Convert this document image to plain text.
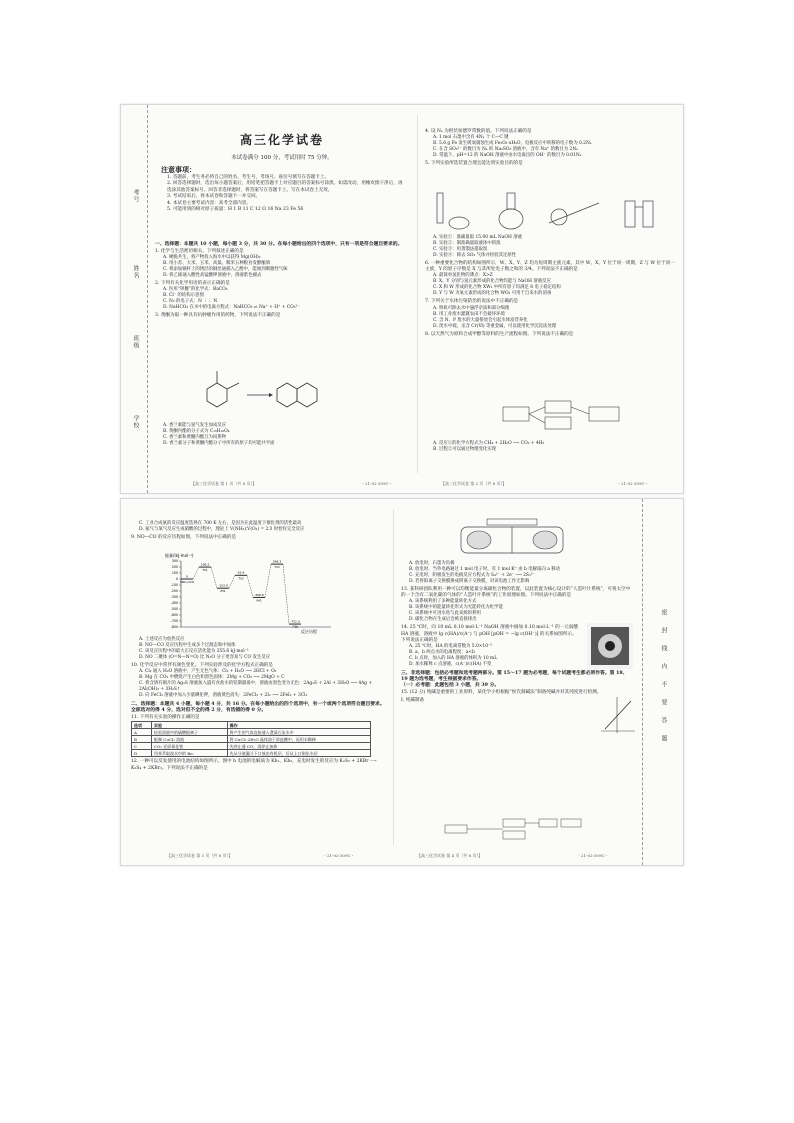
考号
姓名
班级
学校
高三化学试卷
本试卷满分 100 分，考试用时 75 分钟。
注意事项：
1. 答题前，考生务必将自己的姓名、考生号、考场号、座位号填写在答题卡上。
2. 回答选择题时，选出每小题答案后，用铅笔把答题卡上对应题目的答案标号涂黑。如需改动，用橡皮擦干净后，再选涂其他答案标号。回答非选择题时，将答案写在答题卡上。写在本试卷上无效。
3. 考试结束后，将本试卷和答题卡一并交回。
4. 本试卷主要考试内容：高考全部内容。
5. 可能用到的相对原子质量：H 1 B 11 C 12 O 16 Na 23 Fe 56
一、选择题：本题共 10 小题，每小题 3 分，共 30 分。在每小题给出的四个选项中，只有一项是符合题目要求的。
1. 化学与生活密切相关。下列叙述正确的是
A. 硬脆共生，将产物投入海水中以获得 Mg(OH)₂
B. 用小苏、大米、玉米、高粱、糯米五种粮食发酵酿酒
C. 将添加铜杆上的锈层的铜丝通插入乙醇中，能闻到刺激性气味
D. 将乙烯通入酸性高锰酸钾溶液中，溶液紫色褪去
2. 下列有关化学用语的表示正确的是
A. 医用“钡餐”的化学式：BaCO₃
B. Cl⁻ 的结构示意图
C. N₂ 的电子式：N ⋮⋮ N
D. NaHCO₃ 在水中的电离方程式：NaHCO₃ ⇌ Na⁺ + H⁺ + CO₃²⁻
3. 黄酮为取一种具有抗肿瘤作用的药物，下列说法不正确的是
A. 香兰素能与氢气发生加成反应
B. 黄酮内酯的分子式为 C₁₅H₁₀O₄
C. 香兰素和黄酮内酯互为同系物
D. 香兰素分子和黄酮内酯分子中所有的原子均可能共平面
【高三化学试卷 第 1 页（共 8 页）】	・21-02-309C・
4. 设 Nₐ 为阿伏加德罗常数的值。下列说法正确的是
A. 1 mol 石墨中含有 4Nₐ 个 C—C 键
B. 5.6 g Fe 发生吸氧腐蚀生成 Fe₂O₃·xH₂O，电极反应中转移的电子数为 0.2Nₐ
C. 在含 SO₃²⁻ 的数目为 Nₐ 的 Na₂SO₃ 溶液中，含有 Na⁺ 的数目为 2Nₐ
D. 常温下，pH=12 的 NaOH 溶液中由水电离出的 OH⁻ 的数目为 0.01Nₐ
5. 下列实验所选装置合理且能达到实验目的的是
A. 实验①：准确量取 15.00 mL NaOH 溶液
B. 实验②：制准确量取液体中的溴
C. 实验③：用蒸馏法提取溴
D. 实验④：除去 SO₂ 气体并检验其还原性
6. 一种重要化合物的结构如图所示，W、X、Y、Z 均为短周期主族元素，其中 W、X、Y 位于同一周期，Z 与 W 位于同一主族，Y 的原子序数是 X 与其所处电子数之和的 3/4。下列说法不正确的是
A. 最简单氢化物的沸点：X>Z
B. X、Y 分别与氢元素形成的化合物均能与 NaOH 溶液反应
C. X 和 W 形成的化合物 XW₂ 中所有原子均满足 8 电子稳定结构
D. Y 与 W 为氧元素形成的化合物 WO₂ 可用于自来水的消毒
7. 下列关于水体污染防治的说法中不正确的是
A. 明矾可除去水中悬浮杂质和部分细菌
B. 用工业废水灌溉农田不会破坏环境
C. 含 N、P 废水的大量排放会引起水体富营养化
D. 废水中硫、汞含 Cr(Ⅵ) 等重金属，可以使用化学沉淀法处理
8. 以天然气为原料合成甲醇等原料的生产流程如图。下列说法不正确的是
A. 反应①的化学方程式为 CH₄ + 2H₂O ⟶ CO₂ + 4H₂
B. 过程②可以通过物理变化实现
【高三化学试卷 第 2 页（共 8 页）】	・21-02-309C・
密
封
线
内
不
要
答
题
C. 工业合成氨的反应温度选择在 700 K 左右，是因为在此温度下催化剂的活性最高
D. 氨气与氧气反应生成硝酸的过程中，理论上 V(NH₃)∶V(O₂) = 2∶3 时恰好完全反应
9. NO—CO 的反应历程如图，下列说法中正确的是
能量/(kJ·mol⁻¹)
反应历程
300
200
100
0
-100
-200
-300
-400
-500
-600
-700
-800
0
2NO+2CO
199.2
TS1
-153.0
IM1
62.4
TS2
-306.6
IM2
248.3
TS3
-751.0
产物
A. 上述反应为放热反应
B. NO—CO 反应历程中生成多个过渡态和中间体
C. 该反应历程中的最大正反应活化能为 355.6 kJ·mol⁻¹
D. NO 二聚体 (O=N—N=O) 比 N₂O 分子更容易与 CO 发生反应
10. 化学反应中常伴有颜色变化。下列实验涉及的化学方程式正确的是
A. Cl₂ 通入 H₂O 溶液中，产生无色气体：Cl₂ + H₂O ⟶ 2HCl + O₂
B. Mg 在 CO₂ 中燃烧产生白色和黑色固体：2Mg + CO₂ ⟶ 2MgO + C
C. 将含溶有铜片的 Ag₂S 溶液加入盛有食盐水的铝制器皿中，溶液由黑色变为无色：2Ag₂S + 2Al + 3H₂O ⟶ 4Ag + 2Al(OH)₃ + 3H₂S↑
D. 向 FeCl₃ 溶液中加入少量碘化钾，溶液黄色消失：2FeCl₃ + 2I₂ ⟶ 2FeI₂ + 3Cl₂
二、选择题：本题共 4 小题，每小题 4 分，共 16 分。在每小题给出的四个选项中，有一个或两个选项符合题目要求。全部选对的得 4 分，选对但不全的得 2 分，有选错的得 0 分。
11. 下列有关实验的操作正确的是
选项	实验	操作
A	检验溶液中的硫酸根离子	将产生的气体直接通入澄清石灰水中
B	配制 CuCl₂ 溶液	将 CuCl₂·2H₂O 晶体溶于浓盐酸中，再用水稀释
C	CO₂ 还原氧化铁	先停止通 CO，再停止加热
D	用苯萃取溴水中的 Br₂	先从分液漏斗下口放出有机层，后从上口倒出水层
12. 一种可以反复使用的电池结构如图所示，图中 b 电池的电解质为 Kb₁、Kb₂，充电时发生的反应为 K₂S₂ + 2KBr ⟶ K₂S₄ + 2KBr₃。下列说法不正确的是
【高三化学试卷 第 3 页（共 8 页）】	・21-02-309C・
A. 放电时，石墨为负极
B. 放电时，当外电路通过 1 mol 电子时，有 1 mol K⁺ 由 b 电解质向 a 移动
C. 充电时，阴极发生的电极反应方程式为 S₄²⁻ + 2e⁻ ⟶ 2S₂²⁻
D. 若将阳离子交换膜换成阴离子交换膜，对该电池工作无影响
13. 某科研团队利用一种可以均衡能量分离碳化合物的装置，以此装置为核心设计的“人造叶片系统”，可将太空中的一个含有二氧化碳的气体的“人造叶片系统”的工作原理如图。下列说法中正确的是
A. 该系统利用了多种能量转化方式
B. 该系统中的能量转化形式为光能转化为化学能
C. 该系统中可进水进与此来源的利用
D. 碳化合物在生成后会被直接排出
14. 25 ℃时，向 10 mL 0.10 mol·L⁻¹ NaOH 溶液中滴加 0.10 mol·L⁻¹ 的一元弱酸 HA 溶液，溶液中 lg c(HA)/c(A⁻) 与 pOH [pOH = −lg c(OH⁻)] 的关系如图所示。下列说法正确的是
A. 25 ℃时，HA 的电离常数为 5.0×10⁻⁵
B. a、b 两点水的电离程度：a<b
C. b 点时，加入的 HA 溶液的体积为 10 mL
D. 加水稀释 c 点溶液，c(A⁻)/c(HA) 不变
三、非选择题：包括必考题和选考题两部分。第 15～17 题为必考题，每个试题考生都必须作答。第 18、19 题为选考题，考生根据要求作答。
（一）必考题：此题包括 3 小题，共 39 分。
15. (12 分) 纯碱是重要的工业原料，某化学小组根据“侯氏制碱法”制备纯碱并对其纯度进行检测。
Ⅰ. 纯碱制备
【高三化学试卷 第 4 页（共 8 页）】	・21-02-309C・
